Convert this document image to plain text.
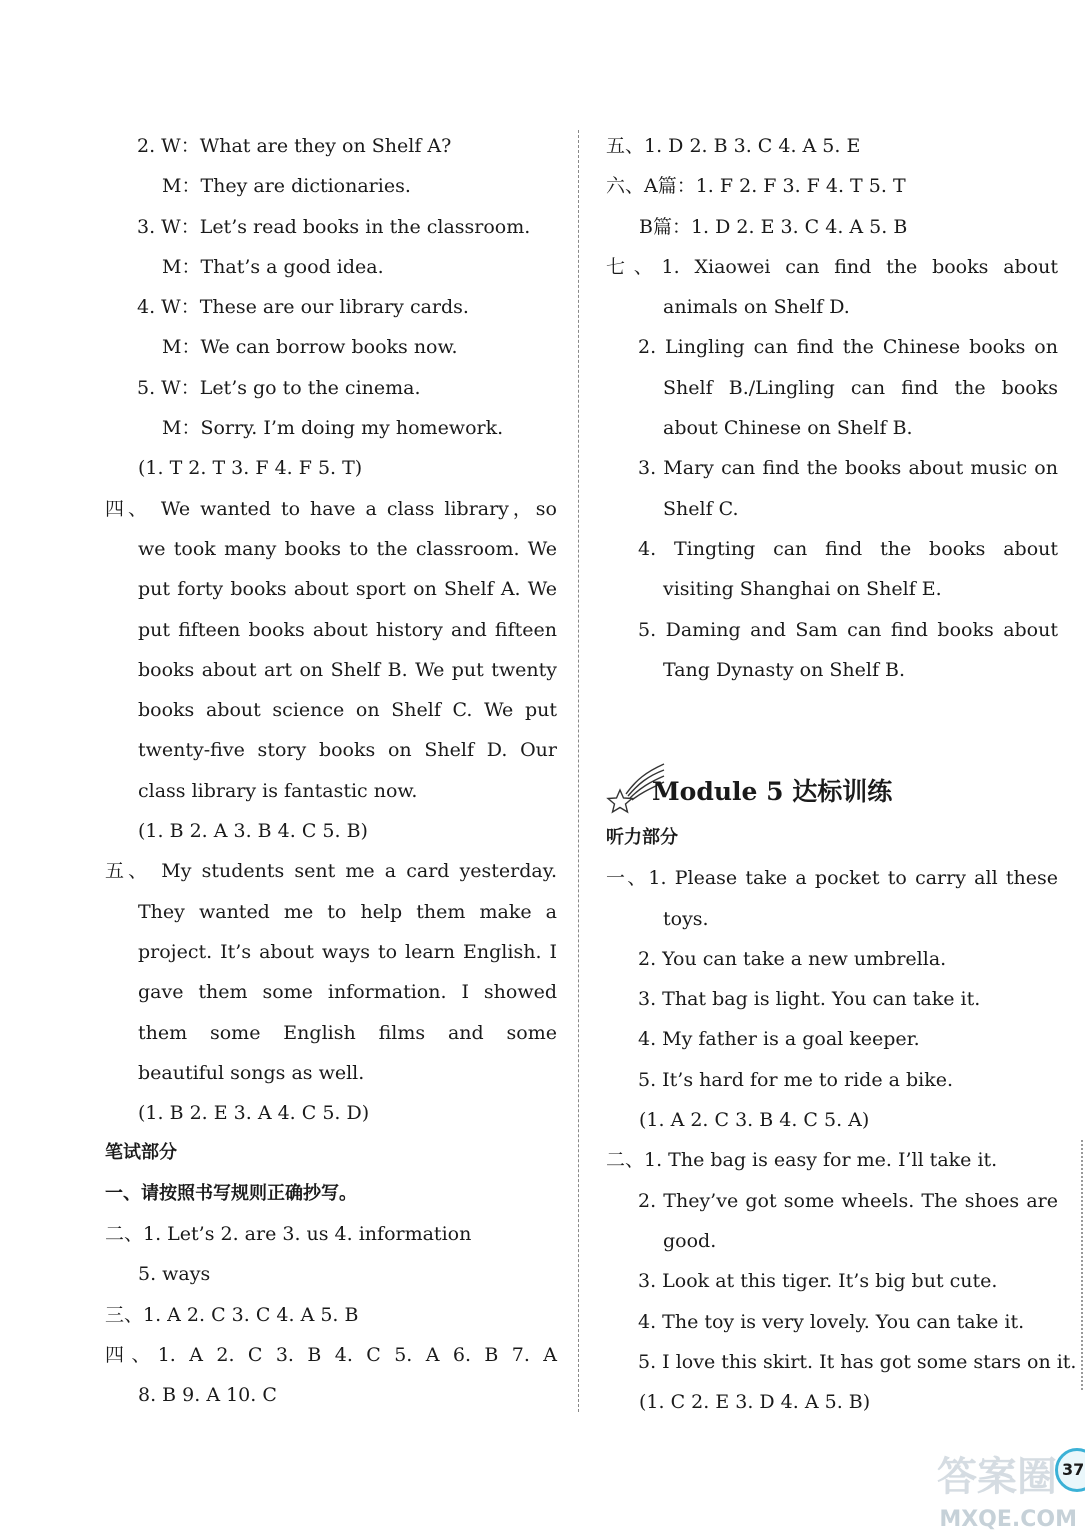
2. W：What are they on Shelf A?
M：They are dictionaries.
3. W：Let’s read books in the classroom.
M：That’s a good idea.
4. W：These are our library cards.
M：We can borrow books now.
5. W：Let’s go to the cinema.
M：Sorry. I’m doing my homework.
(1. T 2. T 3. F 4. F 5. T)
四、 We wanted to have a class library，so
we took many books to the classroom. We
put forty books about sport on Shelf A. We
put fifteen books about history and fifteen
books about art on Shelf B. We put twenty
books about science on Shelf C. We put
twenty-five story books on Shelf D. Our
class library is fantastic now.
(1. B 2. A 3. B 4. C 5. B)
五、 My students sent me a card yesterday.
They wanted me to help them make a
project. It’s about ways to learn English. I
gave them some information. I showed
them some English films and some
beautiful songs as well.
(1. B 2. E 3. A 4. C 5. D)
笔试部分
一、请按照书写规则正确抄写。
二、1. Let’s 2. are 3. us 4. information
5. ways
三、1. A 2. C 3. C 4. A 5. B
四、1. A 2. C 3. B 4. C 5. A 6. B 7. A
8. B 9. A 10. C
五、1. D 2. B 3. C 4. A 5. E
六、A篇：1. F 2. F 3. F 4. T 5. T
B篇：1. D 2. E 3. C 4. A 5. B
七、1. Xiaowei can find the books about
animals on Shelf D.
2. Lingling can find the Chinese books on
Shelf B./Lingling can find the books
about Chinese on Shelf B.
3. Mary can find the books about music on
Shelf C.
4. Tingting can find the books about
visiting Shanghai on Shelf E.
5. Daming and Sam can find books about
Tang Dynasty on Shelf B.
Module 5 达标训练
听力部分
一、1. Please take a pocket to carry all these
toys.
2. You can take a new umbrella.
3. That bag is light. You can take it.
4. My father is a goal keeper.
5. It’s hard for me to ride a bike.
(1. A 2. C 3. B 4. C 5. A)
二、1. The bag is easy for me. I’ll take it.
2. They’ve got some wheels. The shoes are
good.
3. Look at this tiger. It’s big but cute.
4. The toy is very lovely. You can take it.
5. I love this skirt. It has got some stars on it.
(1. C 2. E 3. D 4. A 5. B)
37
答案圈
MXQE.COM
